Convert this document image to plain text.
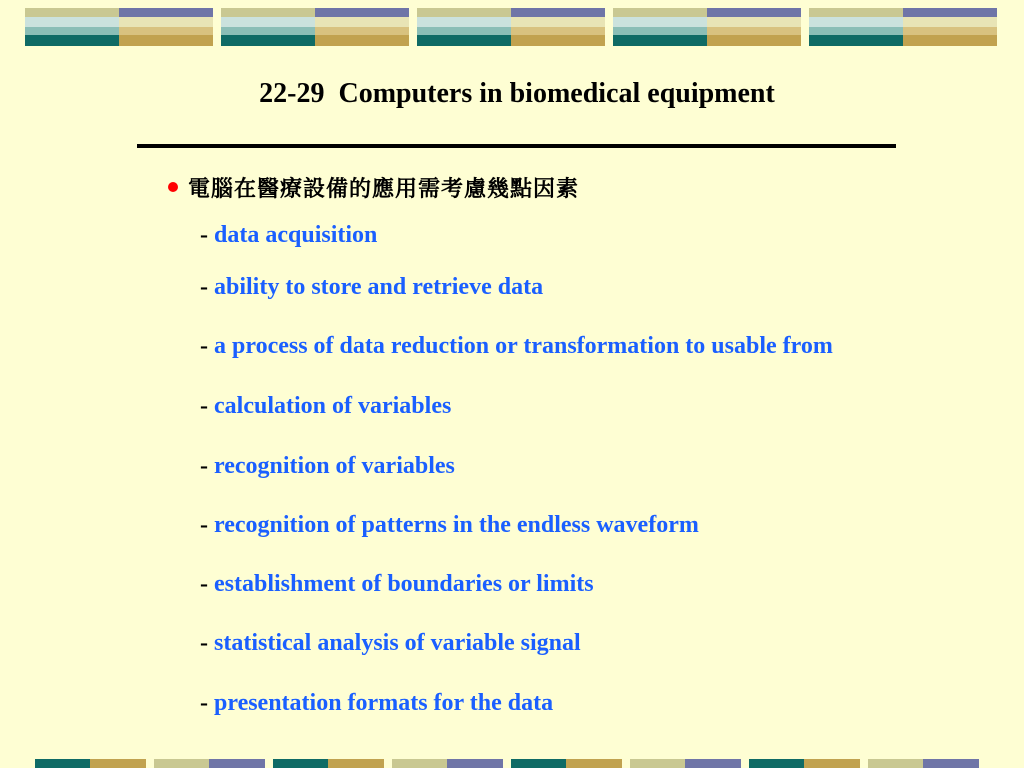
22-29  Computers in biomedical equipment
電腦在醫療設備的應用需考慮幾點因素
- data acquisition
- ability to store and retrieve data
- a process of data reduction or transformation to usable from
- calculation of variables
- recognition of variables
- recognition of patterns in the endless waveform
- establishment of boundaries or limits
- statistical analysis of variable signal
- presentation formats for the data
